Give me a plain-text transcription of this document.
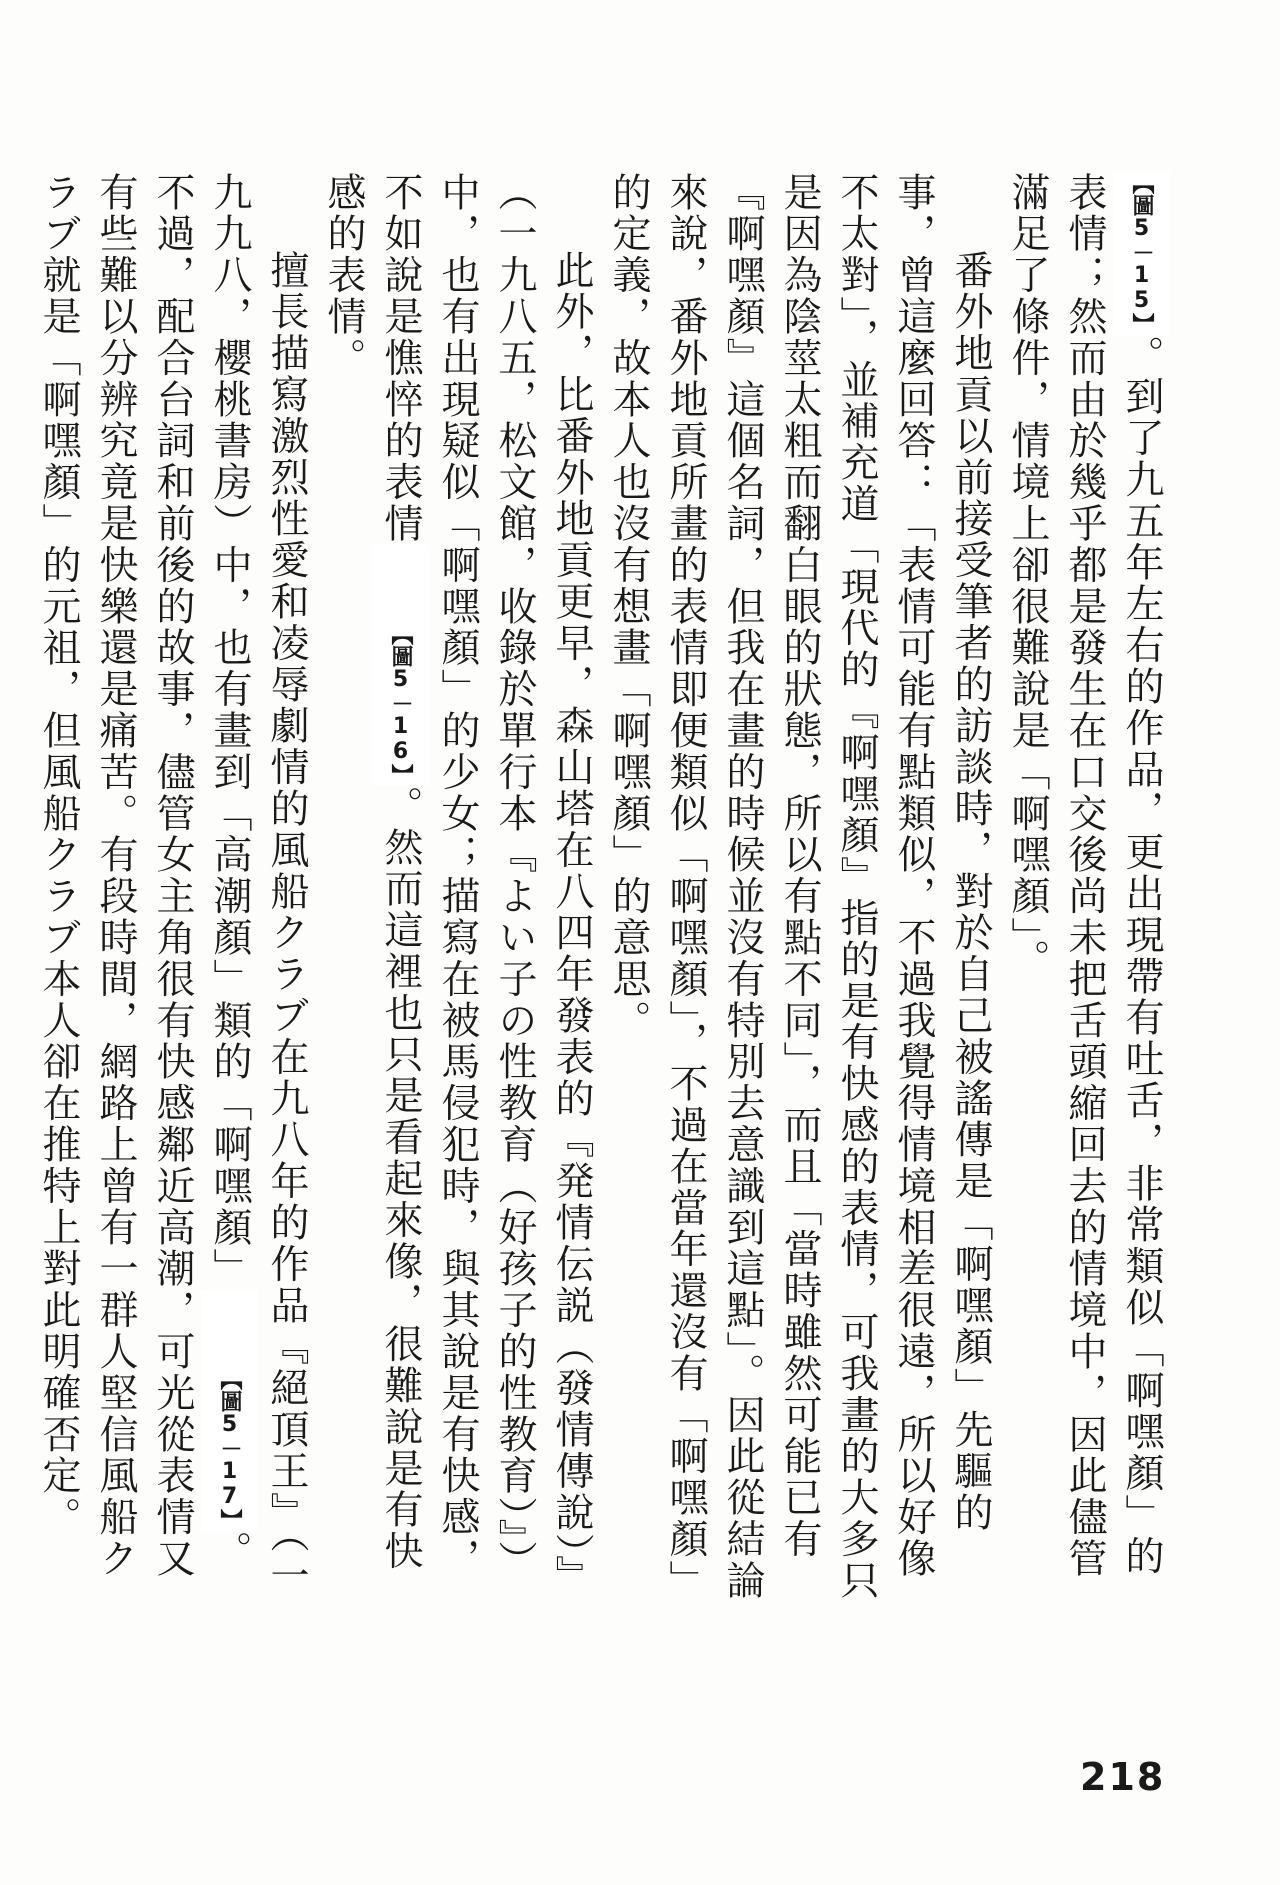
【圖5－15】。到了九五年左右的作品，更出現帶有吐舌，非常類似「啊嘿顏」的表情；然而由於幾乎都是發生在口交後尚未把舌頭縮回去的情境中，因此儘管滿足了條件，情境上卻很難說是「啊嘿顏」。

番外地貢以前接受筆者的訪談時，對於自己被謠傳是「啊嘿顏」先驅的事，曾這麼回答：「表情可能有點類似，不過我覺得情境相差很遠，所以好像不太對」，並補充道「現代的『啊嘿顏』指的是有快感的表情，可我畫的大多只是因為陰莖太粗而翻白眼的狀態，所以有點不同」，而且「當時雖然可能已有『啊嘿顏』這個名詞，但我在畫的時候並沒有特別去意識到這點」。因此從結論來說，番外地貢所畫的表情即便類似「啊嘿顏」，不過在當年還沒有「啊嘿顏」的定義，故本人也沒有想畫「啊嘿顏」的意思。

此外，比番外地貢更早，森山塔在八四年發表的『発情伝説（發情傳說）』（一九八五，松文館，收錄於單行本『よい子の性教育（好孩子的性教育）』）中，也有出現疑似「啊嘿顏」的少女；描寫在被馬侵犯時，與其說是有快感，不如說是憔悴的表情【圖5－16】。然而這裡也只是看起來像，很難說是有快感的表情。

擅長描寫激烈性愛和凌辱劇情的風船クラブ在九八年的作品『絕頂王』（一九九八，櫻桃書房）中，也有畫到「高潮顏」類的「啊嘿顏」【圖5－17】。不過，配合台詞和前後的故事，儘管女主角很有快感鄰近高潮，可光從表情又有些難以分辨究竟是快樂還是痛苦。有段時間，網路上曾有一群人堅信風船クラブ就是「啊嘿顏」的元祖，但風船クラブ本人卻在推特上對此明確否定。

218
